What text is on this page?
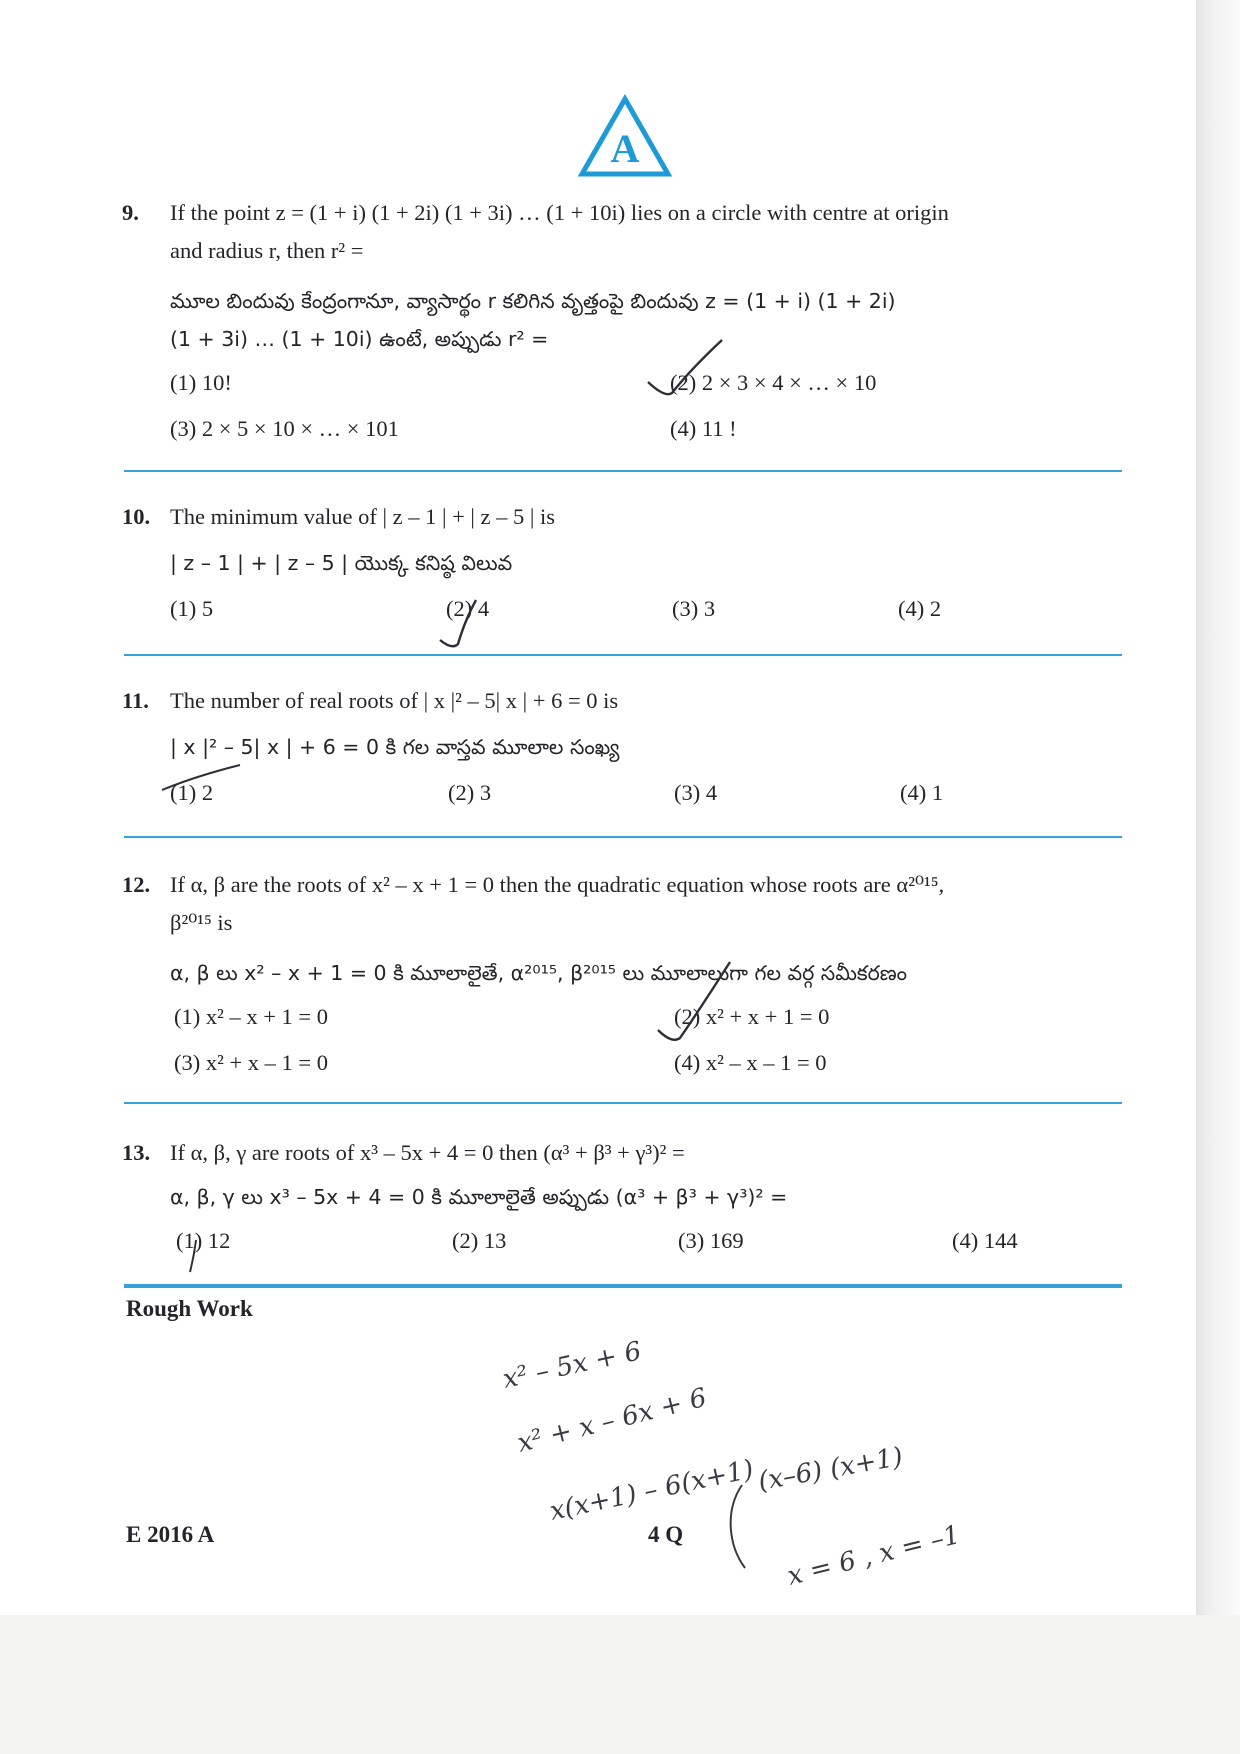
A
9. If the point z = (1 + i) (1 + 2i) (1 + 3i) … (1 + 10i) lies on a circle with centre at origin
and radius r, then r² =
మూల బిందువు కేంద్రంగానూ, వ్యాసార్థం r కలిగిన వృత్తంపై బిందువు z = (1 + i) (1 + 2i)
(1 + 3i) … (1 + 10i) ఉంటే, అప్పుడు r² =
(1) 10!	(2) 2 × 3 × 4 × … × 10
(3) 2 × 5 × 10 × … × 101	(4) 11 !
10. The minimum value of | z – 1 | + | z – 5 | is
| z – 1 | + | z – 5 | యొక్క కనిష్ఠ విలువ
(1) 5	(2) 4	(3) 3	(4) 2
11. The number of real roots of | x |² – 5| x | + 6 = 0 is
| x |² – 5| x | + 6 = 0 కి గల వాస్తవ మూలాల సంఖ్య
(1) 2	(2) 3	(3) 4	(4) 1
12. If α, β are the roots of x² – x + 1 = 0 then the quadratic equation whose roots are α²⁰¹⁵,
β²⁰¹⁵ is
α, β లు x² – x + 1 = 0 కి మూలాలైతే, α²⁰¹⁵, β²⁰¹⁵ లు మూలాలుగా గల వర్గ సమీకరణం
(1) x² – x + 1 = 0	(2) x² + x + 1 = 0
(3) x² + x – 1 = 0	(4) x² – x – 1 = 0
13. If α, β, γ are roots of x³ – 5x + 4 = 0 then (α³ + β³ + γ³)² =
α, β, γ లు x³ – 5x + 4 = 0 కి మూలాలైతే అప్పుడు (α³ + β³ + γ³)² =
(1) 12	(2) 13	(3) 169	(4) 144
Rough Work
x² – 5x + 6
x² + x – 6x + 6
x(x+1) – 6(x+1) (x–6) (x+1)
x = 6 , x = –1
E 2016 A	4 Q
